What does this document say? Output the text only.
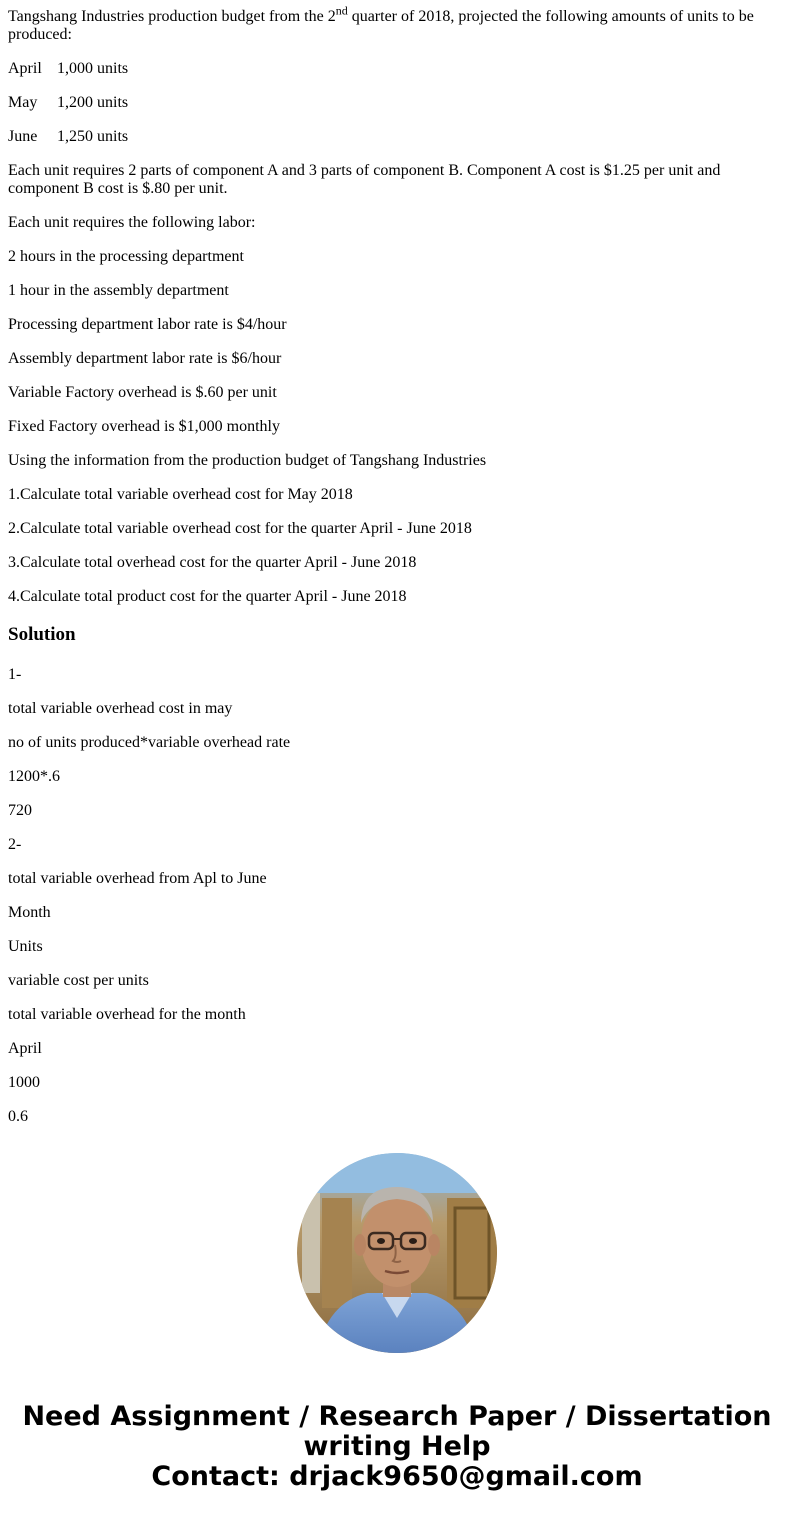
Tangshang Industries production budget from the 2nd quarter of 2018, projected the following amounts of units to be produced:

April 1,000 units

May 1,200 units

June 1,250 units

Each unit requires 2 parts of component A and 3 parts of component B. Component A cost is $1.25 per unit and component B cost is $.80 per unit.

Each unit requires the following labor:

2 hours in the processing department

1 hour in the assembly department

Processing department labor rate is $4/hour

Assembly department labor rate is $6/hour

Variable Factory overhead is $.60 per unit

Fixed Factory overhead is $1,000 monthly

Using the information from the production budget of Tangshang Industries

1.Calculate total variable overhead cost for May 2018

2.Calculate total variable overhead cost for the quarter April - June 2018

3.Calculate total overhead cost for the quarter April - June 2018

4.Calculate total product cost for the quarter April - June 2018

Solution

1-

total variable overhead cost in may

no of units produced*variable overhead rate

1200*.6

720

2-

total variable overhead from Apl to June

Month

Units

variable cost per units

total variable overhead for the month

April

1000

0.6

Need Assignment / Research Paper / Dissertation
writing Help
Contact: drjack9650@gmail.com
